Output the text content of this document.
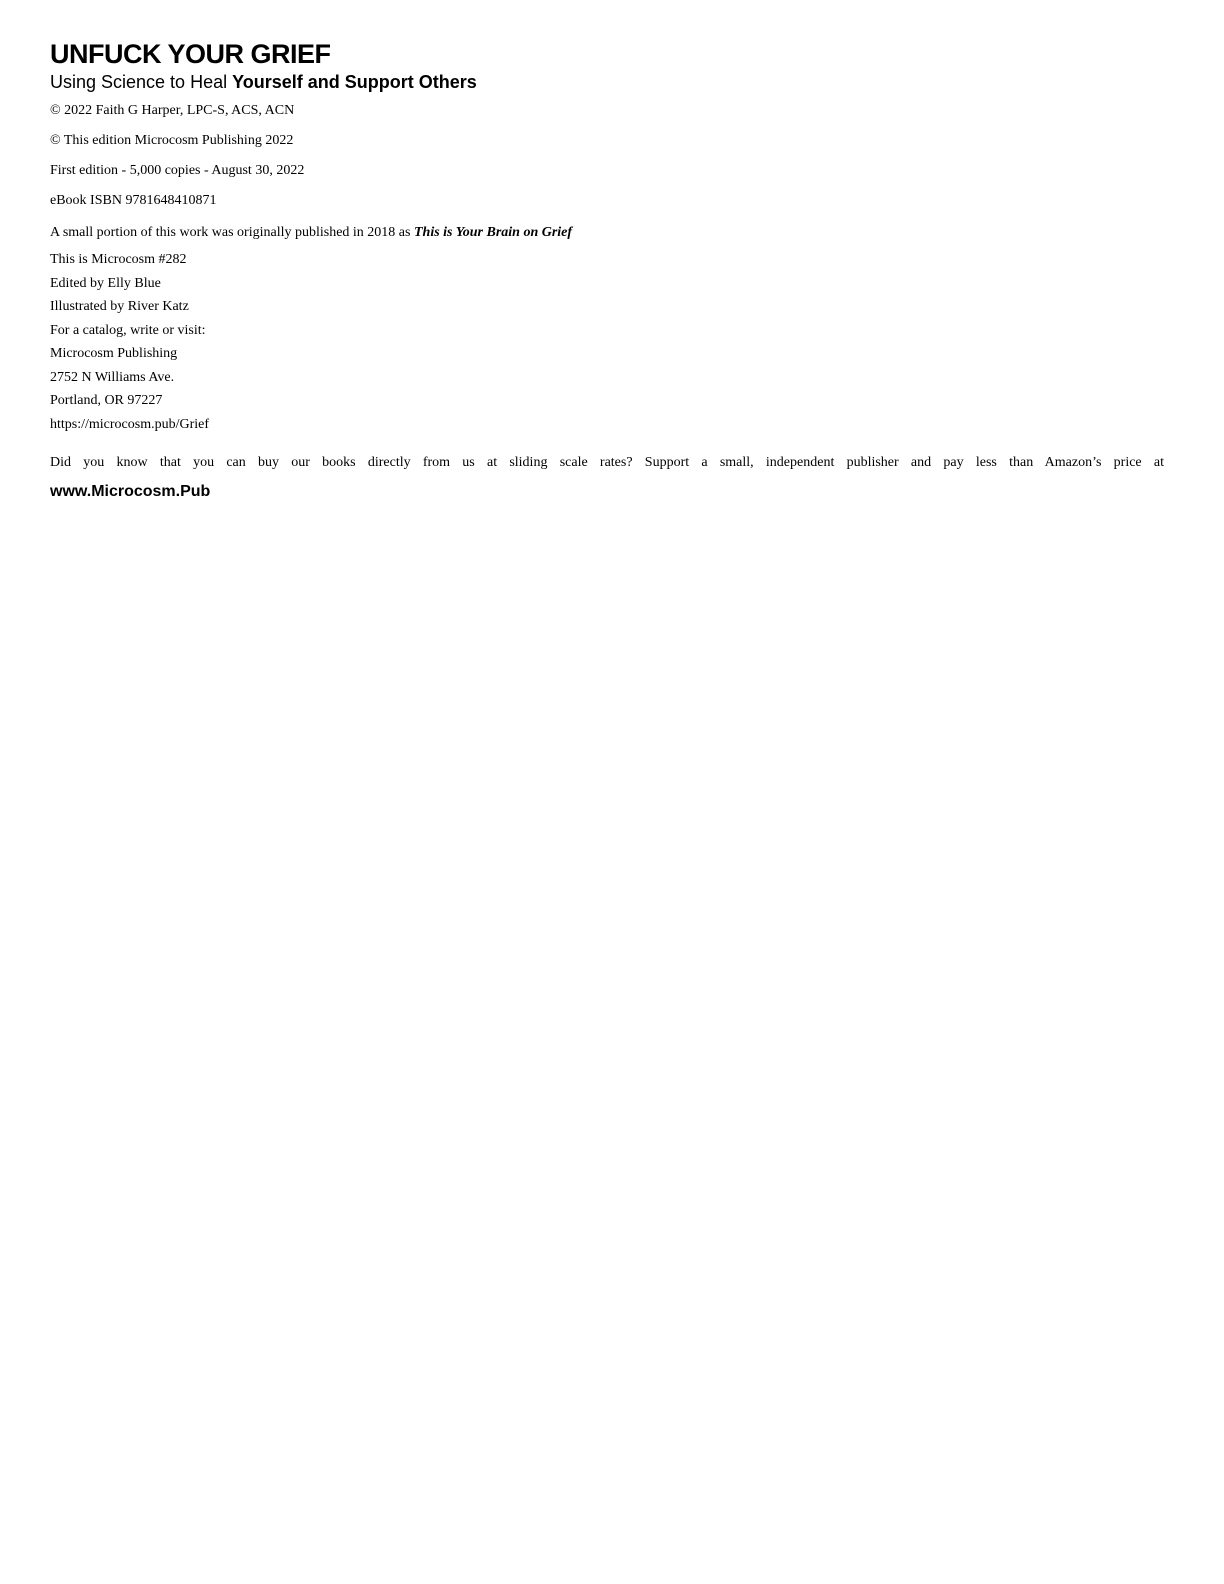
UNFUCK YOUR GRIEF

Using Science to Heal Yourself and Support Others

© 2022 Faith G Harper, LPC-S, ACS, ACN

© This edition Microcosm Publishing 2022

First edition - 5,000 copies - August 30, 2022

eBook ISBN 9781648410871

A small portion of this work was originally published in 2018 as This is Your Brain on Grief

This is Microcosm #282

Edited by Elly Blue

Illustrated by River Katz

For a catalog, write or visit:

Microcosm Publishing

2752 N Williams Ave.

Portland, OR 97227

https://microcosm.pub/Grief

Did you know that you can buy our books directly from us at sliding scale rates? Support a small, independent publisher and pay less than Amazon’s price at

www.Microcosm.Pub
